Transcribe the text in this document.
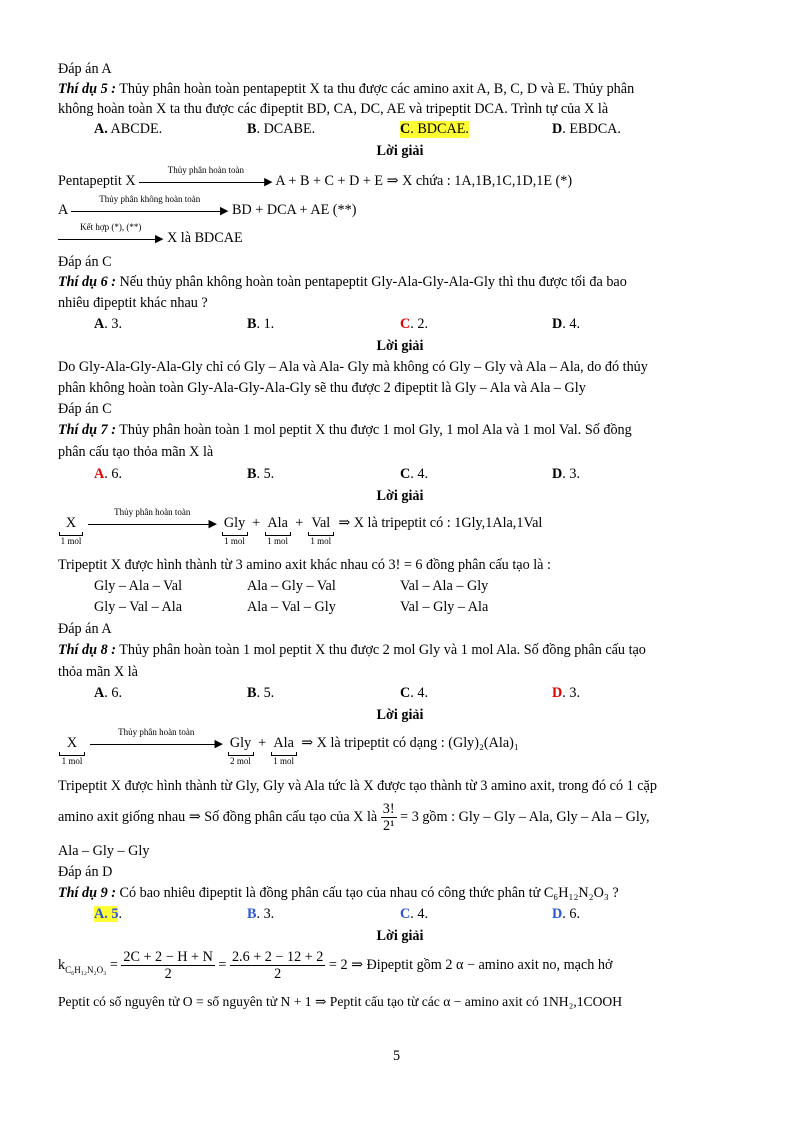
Đáp án A
Thí dụ 5 : Thủy phân hoàn toàn pentapeptit X ta thu được các amino axit A, B, C, D và E. Thủy phân
không hoàn toàn X ta thu được các đipeptit BD, CA, DC, AE và tripeptit DCA. Trình tự của X là
A. ABCDE.	B. DCABE.	C. BDCAE.	D. EBDCA.
Lời giải
Pentapeptit X
Thủy phân hoàn toàn
▶ A + B + C + D + E ⇒ X chứa : 1A,1B,1C,1D,1E (*)
A
Thủy phân không hoàn toàn
▶ BD + DCA + AE (**)
Kết hợp (*), (**)
▶ X là BDCAE
Đáp án C
Thí dụ 6 : Nếu thủy phân không hoàn toàn pentapeptit Gly-Ala-Gly-Ala-Gly thì thu được tối đa bao
nhiêu đipeptit khác nhau ?
A. 3.	B. 1.	C. 2.	D. 4.
Lời giải
Do Gly-Ala-Gly-Ala-Gly chỉ có Gly – Ala và Ala- Gly mà không có Gly – Gly và Ala – Ala, do đó thủy
phân không hoàn toàn Gly-Ala-Gly-Ala-Gly sẽ thu được 2 đipeptit là Gly – Ala và Ala – Gly
Đáp án C
Thí dụ 7 : Thủy phân hoàn toàn 1 mol peptit X thu được 1 mol Gly, 1 mol Ala và 1 mol Val. Số đồng
phân cấu tạo thỏa mãn X là
A. 6.	B. 5.	C. 4.	D. 3.
Lời giải
X
1 mol

Thủy phân hoàn toàn
▶ Gly
1 mol
+ Ala
1 mol
+ Val
1 mol
⇒ X là tripeptit có : 1Gly,1Ala,1Val
Tripeptit X được hình thành từ 3 amino axit khác nhau có 3! = 6 đồng phân cấu tạo là :
Gly – Ala – Val	Ala – Gly – Val	Val – Ala – Gly
Gly – Val – Ala	Ala – Val – Gly	Val – Gly – Ala
Đáp án A
Thí dụ 8 : Thủy phân hoàn toàn 1 mol peptit X thu được 2 mol Gly và 1 mol Ala. Số đồng phân cấu tạo
thỏa mãn X là
A. 6.	B. 5.	C. 4.	D. 3.
Lời giải
X
1 mol

Thủy phân hoàn toàn
▶ Gly
2 mol
+ Ala
1 mol
⇒ X là tripeptit có dạng : (Gly)₂(Ala)₁
Tripeptit X được hình thành từ Gly, Gly và Ala tức là X được tạo thành từ 3 amino axit, trong đó có 1 cặp
amino axit giống nhau ⇒ Số đồng phân cấu tạo của X là $\frac{3!}{\text{2¹}} = 3$ gồm : Gly – Gly – Ala, Gly – Ala – Gly,
Ala – Gly – Gly
Đáp án D
Thí dụ 9 : Có bao nhiêu đipeptit là đồng phân cấu tạo của nhau có công thức phân tử C₆H₁₂N₂O₃ ?
A. 5.	B. 3.	C. 4.	D. 6.
Lời giải
$k_{C_6H_{12}N_2O_3} = \frac{2C + 2 - H + N}{2} = \frac{2.6 + 2 - 12 + 2}{2} = 2$ ⇒ Đipeptit gồm 2 α − amino axit no, mạch hở
Peptit có số nguyên tử O = số nguyên tử N + 1 ⇒ Peptit cấu tạo từ các α − amino axit có 1NH₂,1COOH
5
